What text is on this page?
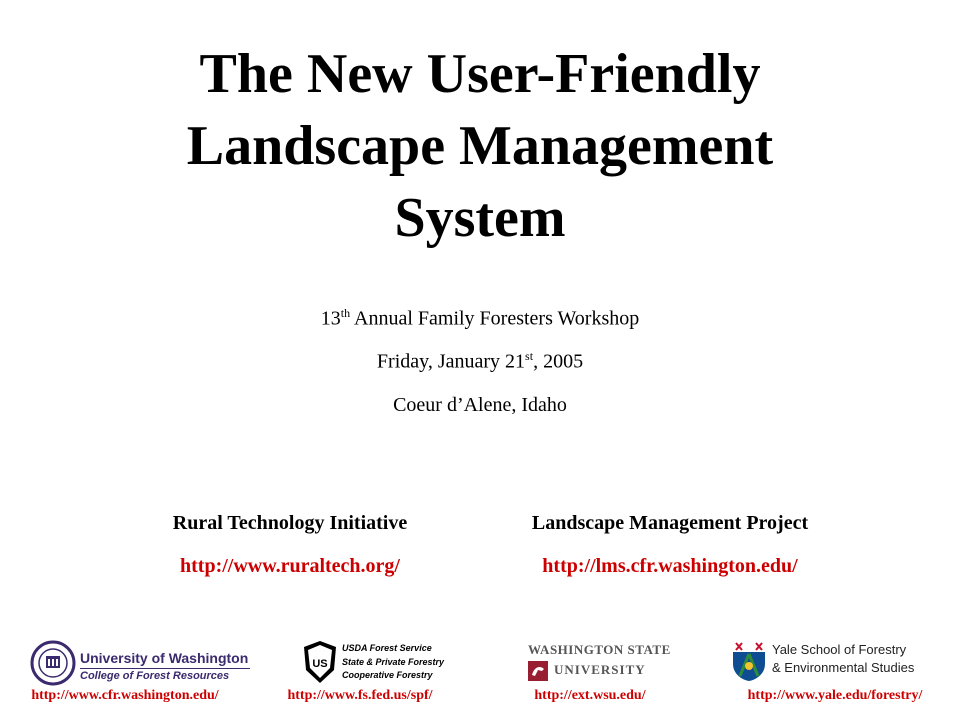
The New User-Friendly
Landscape Management
System
13th Annual Family Foresters Workshop
Friday, January 21st, 2005
Coeur d’Alene, Idaho
Rural Technology Initiative
http://www.ruraltech.org/
Landscape Management Project
http://lms.cfr.washington.edu/
University of Washington
College of Forest Resources
http://www.cfr.washington.edu/
US
USDA Forest Service
State & Private Forestry
Cooperative Forestry
http://www.fs.fed.us/spf/
WASHINGTON STATE
UNIVERSITY
http://ext.wsu.edu/
Yale School of Forestry
& Environmental Studies
http://www.yale.edu/forestry/
